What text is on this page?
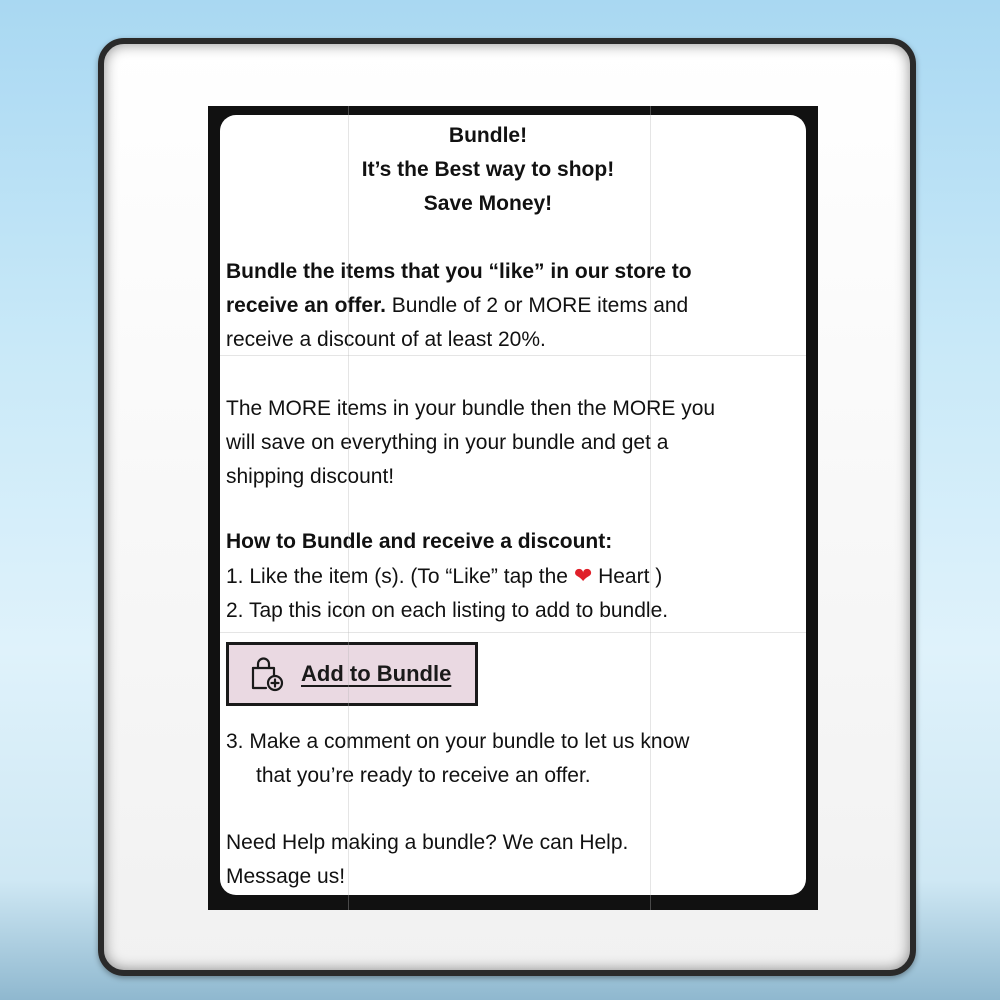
Bundle!
It’s the Best way to shop!
Save Money!
Bundle the items that you “like” in our store to
receive an offer. Bundle of 2 or MORE items and
receive a discount of at least 20%.
The MORE items in your bundle then the MORE you
will save on everything in your bundle and get a
shipping discount!
How to Bundle and receive a discount:
1. Like the item (s). (To “Like” tap the ❤ Heart )
2. Tap this icon on each listing to add to bundle.
Add to Bundle
3. Make a comment on your bundle to let us know
that you’re ready to receive an offer.
Need Help making a bundle? We can Help.
Message us!
